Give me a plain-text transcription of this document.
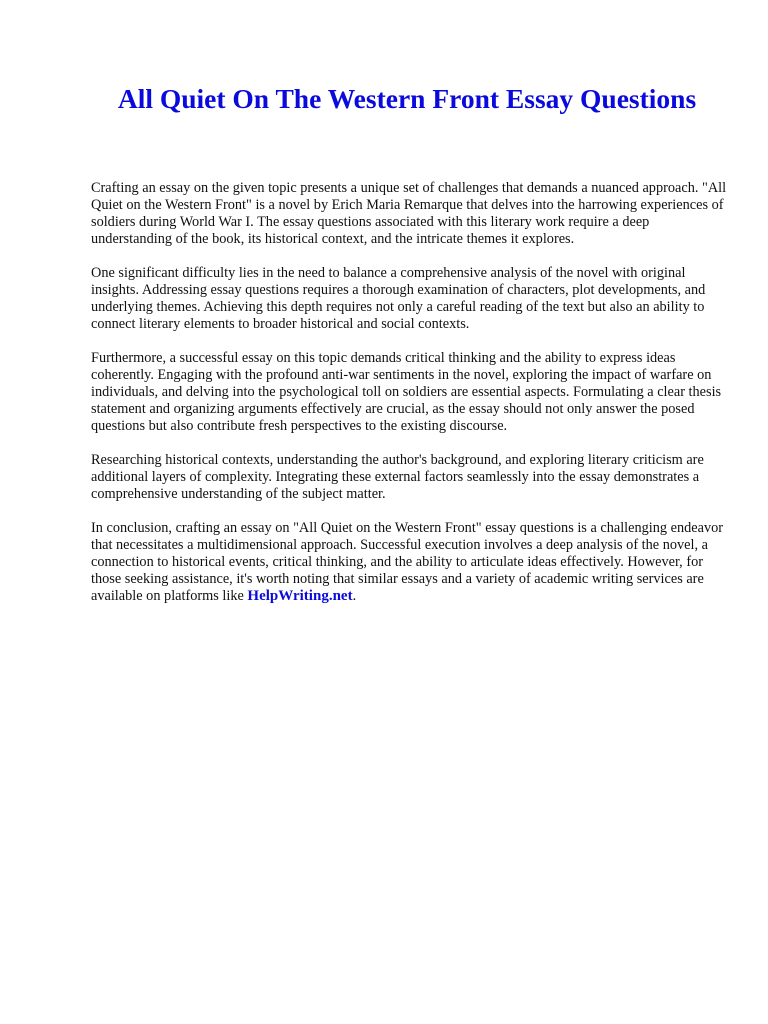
All Quiet On The Western Front Essay Questions

Crafting an essay on the given topic presents a unique set of challenges that demands a nuanced approach. "All Quiet on the Western Front" is a novel by Erich Maria Remarque that delves into the harrowing experiences of soldiers during World War I. The essay questions associated with this literary work require a deep understanding of the book, its historical context, and the intricate themes it explores.

One significant difficulty lies in the need to balance a comprehensive analysis of the novel with original insights. Addressing essay questions requires a thorough examination of characters, plot developments, and underlying themes. Achieving this depth requires not only a careful reading of the text but also an ability to connect literary elements to broader historical and social contexts.

Furthermore, a successful essay on this topic demands critical thinking and the ability to express ideas coherently. Engaging with the profound anti-war sentiments in the novel, exploring the impact of warfare on individuals, and delving into the psychological toll on soldiers are essential aspects. Formulating a clear thesis statement and organizing arguments effectively are crucial, as the essay should not only answer the posed questions but also contribute fresh perspectives to the existing discourse.

Researching historical contexts, understanding the author's background, and exploring literary criticism are additional layers of complexity. Integrating these external factors seamlessly into the essay demonstrates a comprehensive understanding of the subject matter.

In conclusion, crafting an essay on "All Quiet on the Western Front" essay questions is a challenging endeavor that necessitates a multidimensional approach. Successful execution involves a deep analysis of the novel, a connection to historical events, critical thinking, and the ability to articulate ideas effectively. However, for those seeking assistance, it's worth noting that similar essays and a variety of academic writing services are available on platforms like HelpWriting.net.
